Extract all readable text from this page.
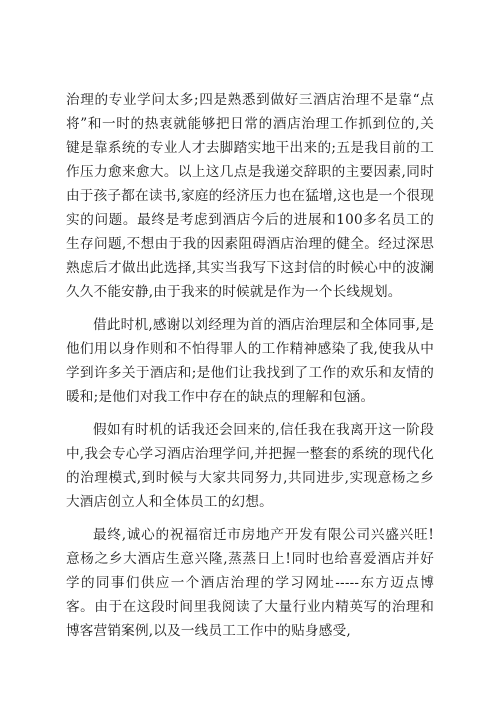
治理的专业学问太多;四是熟悉到做好三酒店治理不是靠“点将”和一时的热衷就能够把日常的酒店治理工作抓到位的,关键是靠系统的专业人才去脚踏实地干出来的;五是我目前的工作压力愈来愈大。以上这几点是我递交辞职的主要因素,同时由于孩子都在读书,家庭的经济压力也在猛增,这也是一个很现实的问题。最终是考虑到酒店今后的进展和100多名员工的生存问题,不想由于我的因素阻碍酒店治理的健全。经过深思熟虑后才做出此选择,其实当我写下这封信的时候心中的波澜久久不能安静,由于我来的时候就是作为一个长线规划。

借此时机,感谢以刘经理为首的酒店治理层和全体同事,是他们用以身作则和不怕得罪人的工作精神感染了我,使我从中学到许多关于酒店和;是他们让我找到了工作的欢乐和友情的暖和;是他们对我工作中存在的缺点的理解和包涵。

假如有时机的话我还会回来的,信任我在我离开这一阶段中,我会专心学习酒店治理学问,并把握一整套的系统的现代化的治理模式,到时候与大家共同努力,共同进步,实现意杨之乡大酒店创立人和全体员工的幻想。

最终,诚心的祝福宿迁市房地产开发有限公司兴盛兴旺!意杨之乡大酒店生意兴隆,蒸蒸日上!同时也给喜爱酒店并好学的同事们供应一个酒店治理的学习网址-----东方迈点博客。由于在这段时间里我阅读了大量行业内精英写的治理和博客营销案例,以及一线员工工作中的贴身感受,
